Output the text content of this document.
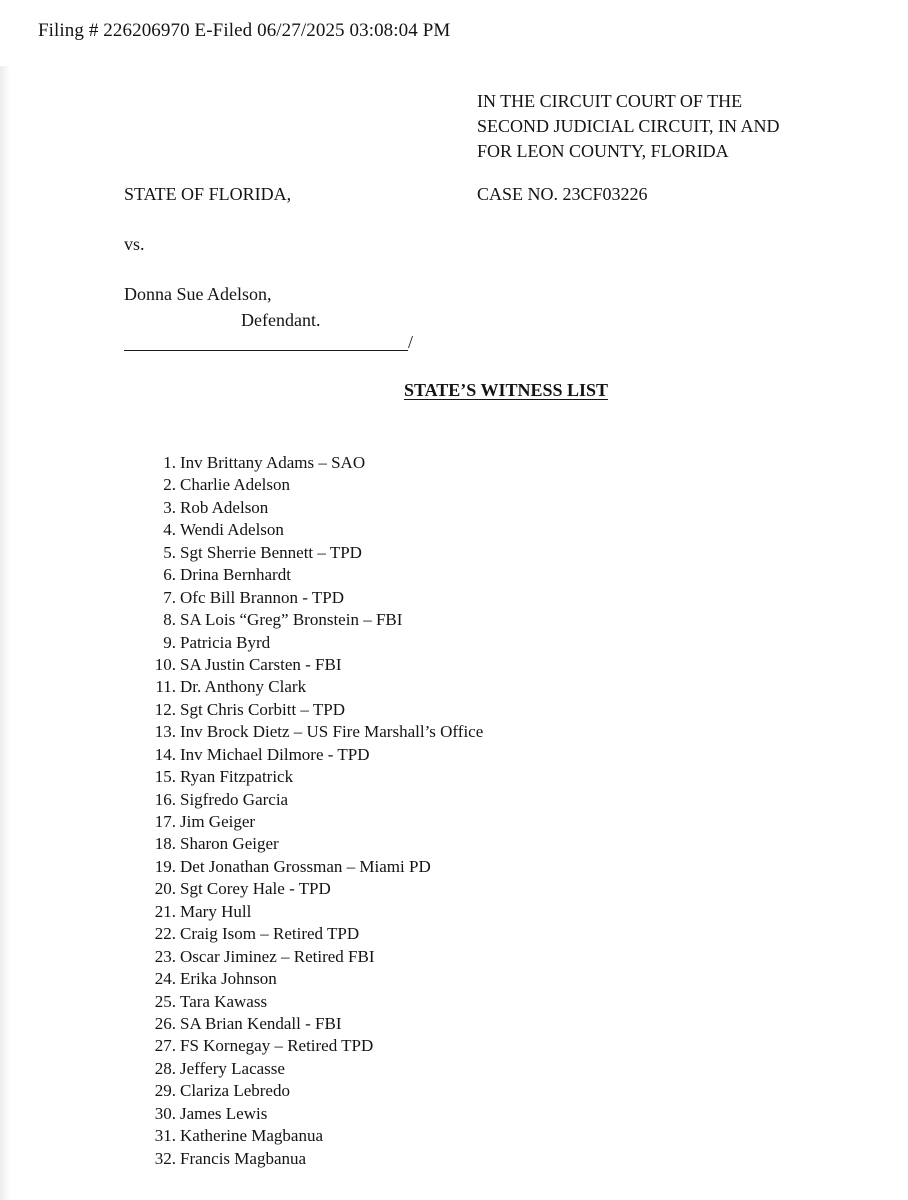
Filing # 226206970 E-Filed 06/27/2025 03:08:04 PM
IN THE CIRCUIT COURT OF THE
SECOND JUDICIAL CIRCUIT, IN AND
FOR LEON COUNTY, FLORIDA
STATE OF FLORIDA,	CASE NO. 23CF03226
vs.
Donna Sue Adelson,
Defendant.
/
STATE’S WITNESS LIST
1. Inv Brittany Adams – SAO
2. Charlie Adelson
3. Rob Adelson
4. Wendi Adelson
5. Sgt Sherrie Bennett – TPD
6. Drina Bernhardt
7. Ofc Bill Brannon - TPD
8. SA Lois “Greg” Bronstein – FBI
9. Patricia Byrd
10. SA Justin Carsten - FBI
11. Dr. Anthony Clark
12. Sgt Chris Corbitt – TPD
13. Inv Brock Dietz – US Fire Marshall’s Office
14. Inv Michael Dilmore - TPD
15. Ryan Fitzpatrick
16. Sigfredo Garcia
17. Jim Geiger
18. Sharon Geiger
19. Det Jonathan Grossman – Miami PD
20. Sgt Corey Hale - TPD
21. Mary Hull
22. Craig Isom – Retired TPD
23. Oscar Jiminez – Retired FBI
24. Erika Johnson
25. Tara Kawass
26. SA Brian Kendall - FBI
27. FS Kornegay – Retired TPD
28. Jeffery Lacasse
29. Clariza Lebredo
30. James Lewis
31. Katherine Magbanua
32. Francis Magbanua
